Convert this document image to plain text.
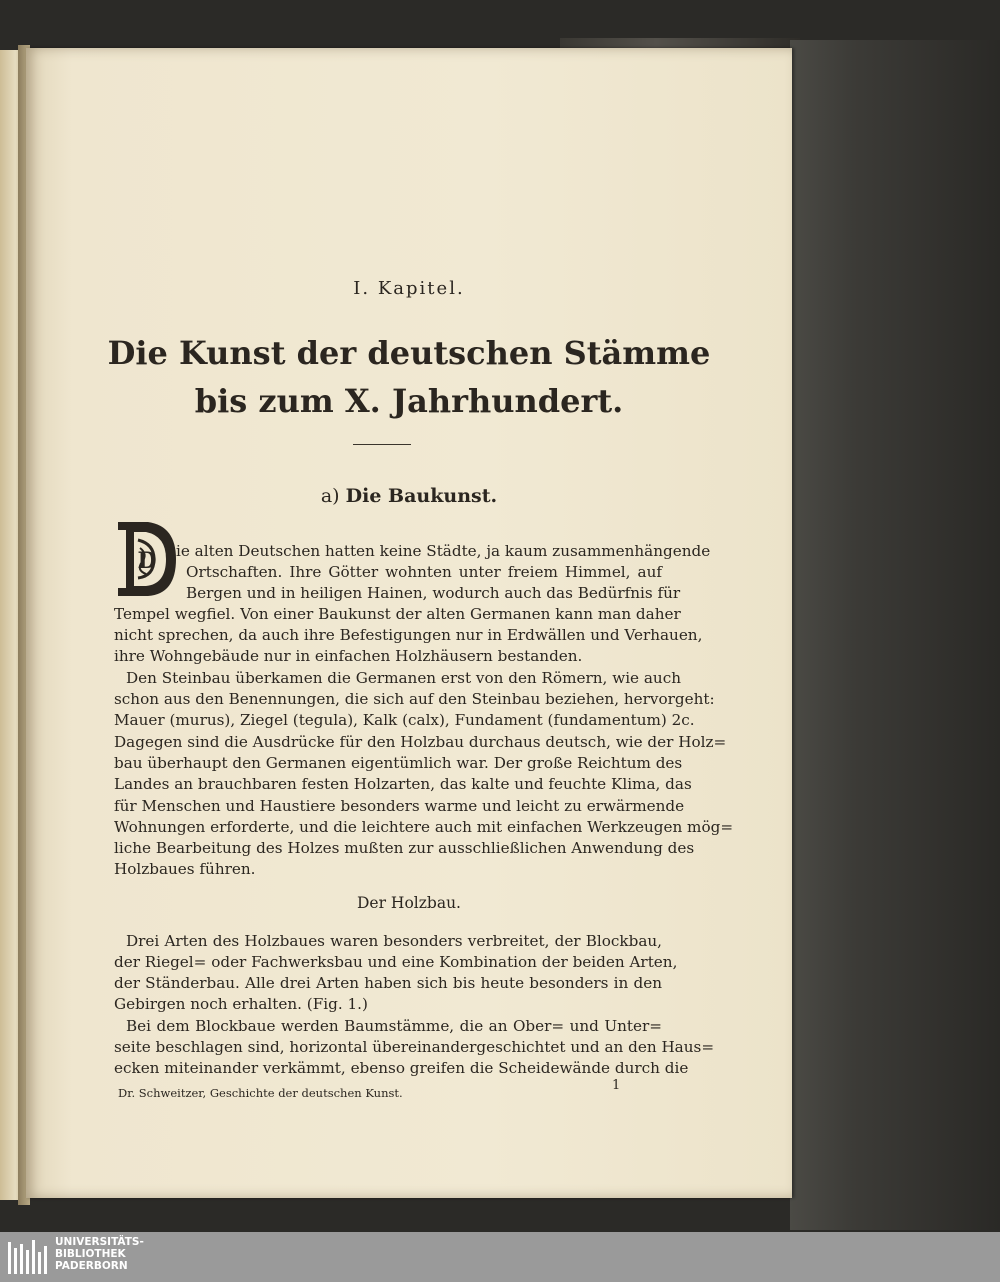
I. Kapitel.
Die Kunst der deutschen Stämme
bis zum X. Jahrhundert.
a) Die Baukunst.
D ie alten Deutschen hatten keine Städte, ja kaum zusammenhängende
Ortschaften. Ihre Götter wohnten unter freiem Himmel, auf
Bergen und in heiligen Hainen, wodurch auch das Bedürfnis für
Tempel wegfiel. Von einer Baukunst der alten Germanen kann man daher
nicht sprechen, da auch ihre Befestigungen nur in Erdwällen und Verhauen,
ihre Wohngebäude nur in einfachen Holzhäusern bestanden.
Den Steinbau überkamen die Germanen erst von den Römern, wie auch
schon aus den Benennungen, die sich auf den Steinbau beziehen, hervorgeht:
Mauer (murus), Ziegel (tegula), Kalk (calx), Fundament (fundamentum) 2c.
Dagegen sind die Ausdrücke für den Holzbau durchaus deutsch, wie der Holz=
bau überhaupt den Germanen eigentümlich war. Der große Reichtum des
Landes an brauchbaren festen Holzarten, das kalte und feuchte Klima, das
für Menschen und Haustiere besonders warme und leicht zu erwärmende
Wohnungen erforderte, und die leichtere auch mit einfachen Werkzeugen mög=
liche Bearbeitung des Holzes mußten zur ausschließlichen Anwendung des
Holzbaues führen.
Der Holzbau.
Drei Arten des Holzbaues waren besonders verbreitet, der Blockbau,
der Riegel= oder Fachwerksbau und eine Kombination der beiden Arten,
der Ständerbau. Alle drei Arten haben sich bis heute besonders in den
Gebirgen noch erhalten. (Fig. 1.)
Bei dem Blockbaue werden Baumstämme, die an Ober= und Unter=
seite beschlagen sind, horizontal übereinandergeschichtet und an den Haus=
ecken miteinander verkämmt, ebenso greifen die Scheidewände durch die
Dr. Schweitzer, Geschichte der deutschen Kunst.	1
UNIVERSITÄTS-
BIBLIOTHEK
PADERBORN
